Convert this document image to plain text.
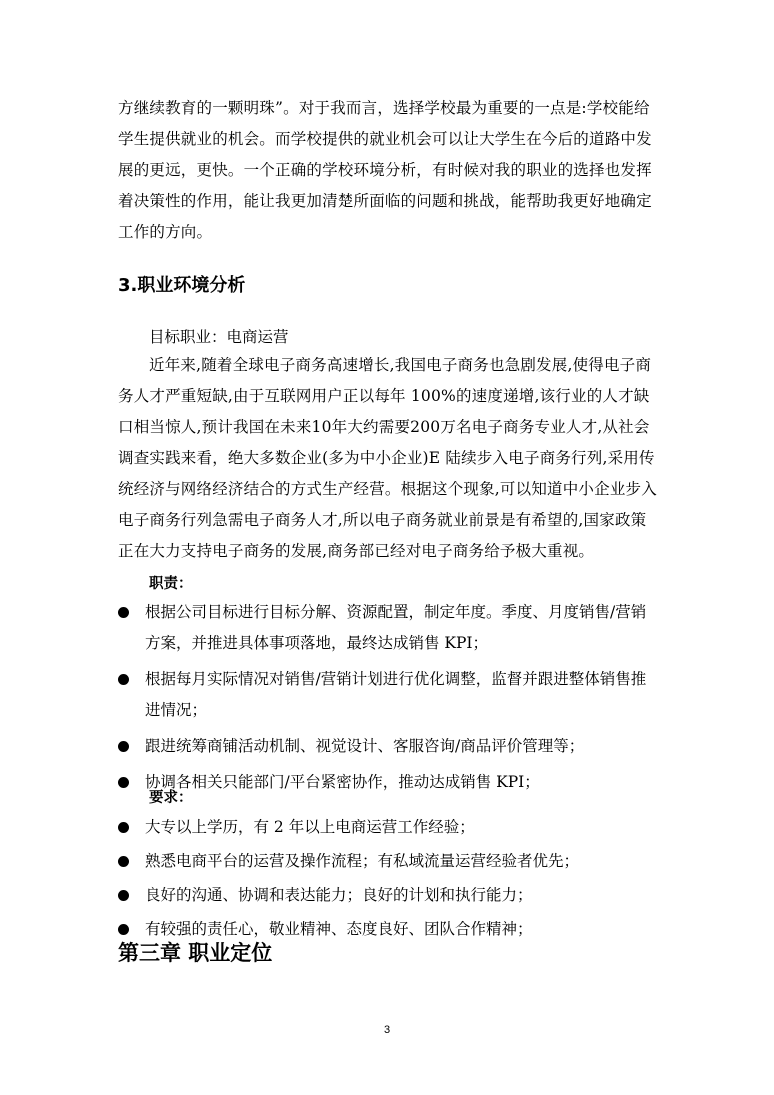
方继续教育的一颗明珠”。对于我而言，选择学校最为重要的一点是:学校能给学生提供就业的机会。而学校提供的就业机会可以让大学生在今后的道路中发展的更远，更快。一个正确的学校环境分析，有时候对我的职业的选择也发挥着决策性的作用，能让我更加清楚所面临的问题和挑战，能帮助我更好地确定工作的方向。

3.职业环境分析

目标职业：电商运营

近年来,随着全球电子商务高速增长,我国电子商务也急剧发展,使得电子商务人才严重短缺,由于互联网用户正以每年 100%的速度递增,该行业的人才缺口相当惊人,预计我国在未来10年大约需要200万名电子商务专业人才,从社会调查实践来看，绝大多数企业(多为中小企业)E 陆续步入电子商务行列,采用传统经济与网络经济结合的方式生产经营。根据这个现象,可以知道中小企业步入电子商务行列急需电子商务人才,所以电子商务就业前景是有希望的,国家政策正在大力支持电子商务的发展,商务部已经对电子商务给予极大重视。

职责：

根据公司目标进行目标分解、资源配置，制定年度。季度、月度销售/营销方案，并推进具体事项落地，最终达成销售 KPI；
根据每月实际情况对销售/营销计划进行优化调整，监督并跟进整体销售推进情况；
跟进统筹商铺活动机制、视觉设计、客服咨询/商品评价管理等；
协调各相关只能部门/平台紧密协作，推动达成销售 KPI；

要求：

大专以上学历，有 2 年以上电商运营工作经验；
熟悉电商平台的运营及操作流程；有私域流量运营经验者优先；
良好的沟通、协调和表达能力；良好的计划和执行能力；
有较强的责任心，敬业精神、态度良好、团队合作精神；
第三章 职业定位

3
